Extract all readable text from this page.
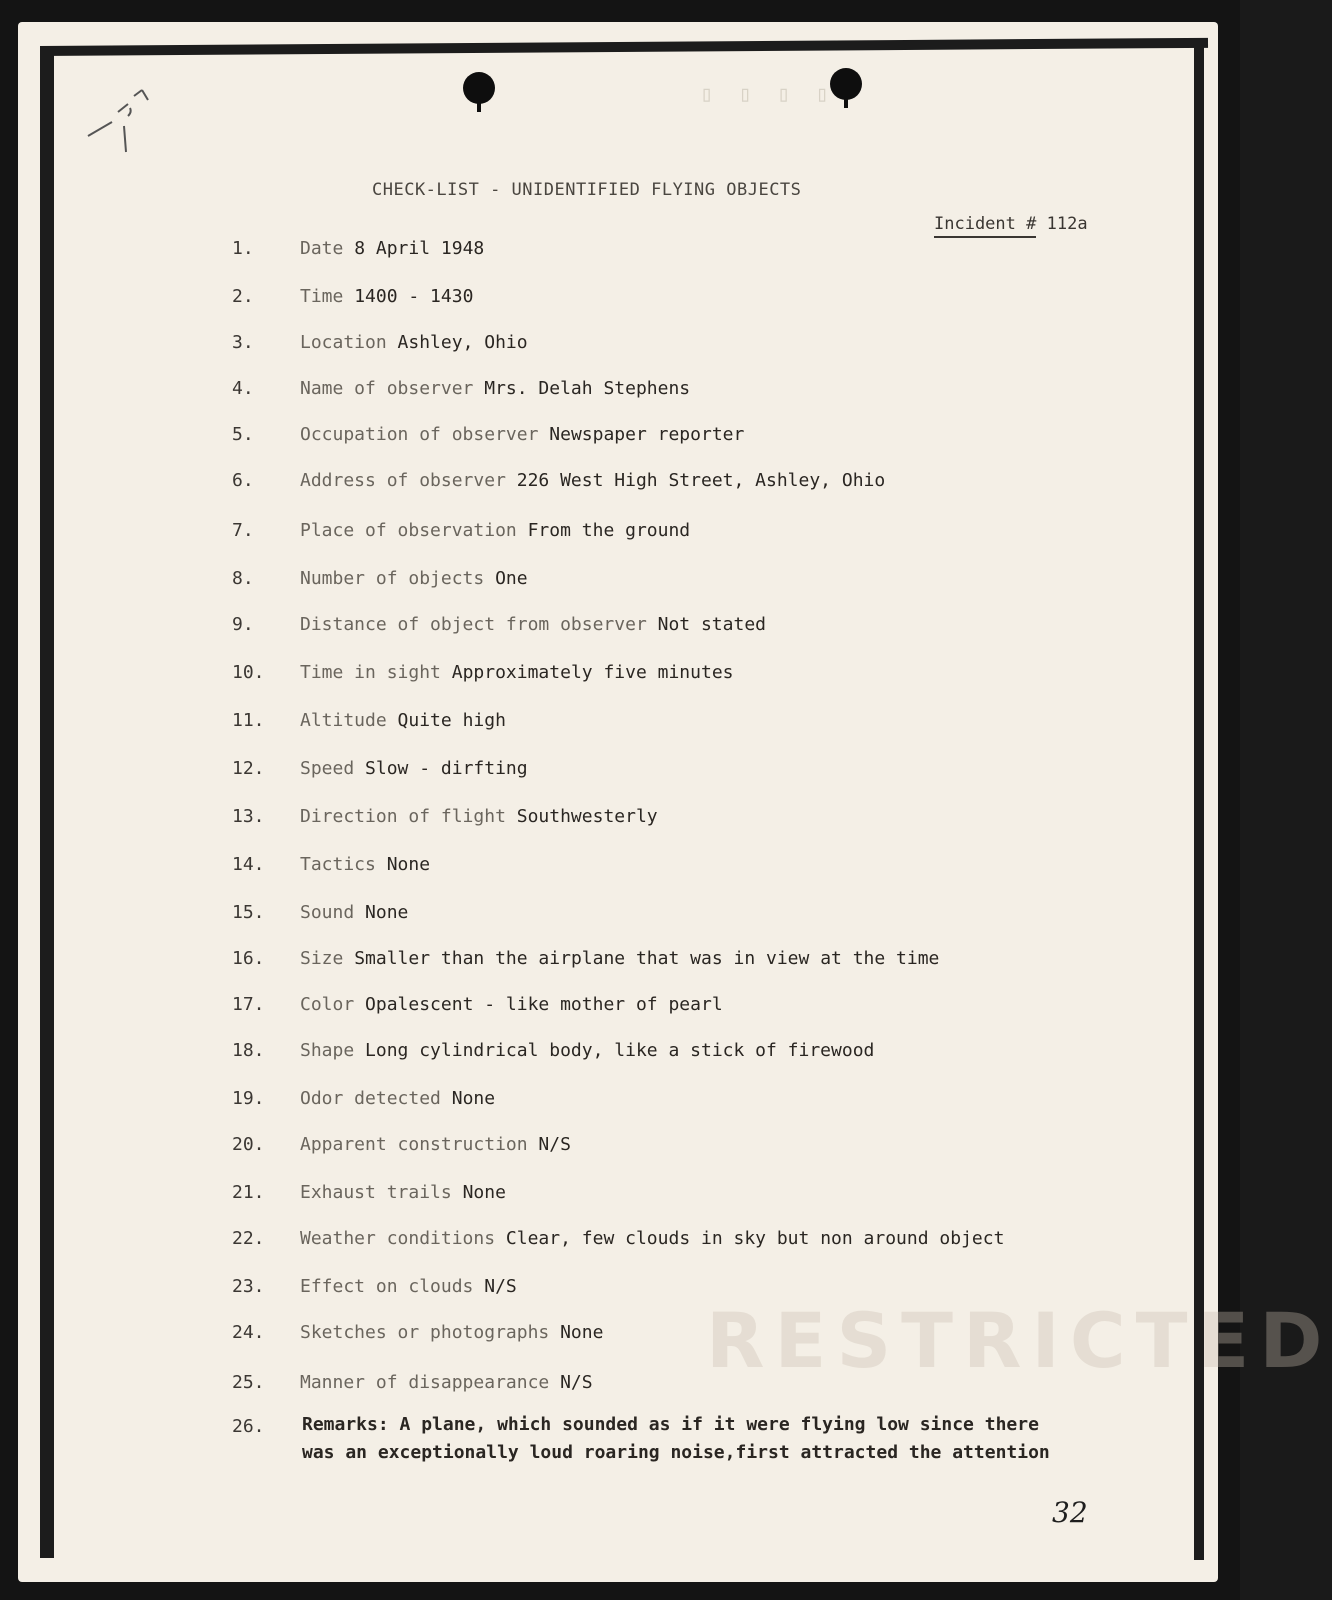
▯ ▯ ▯ ▯
CHECK-LIST - UNIDENTIFIED FLYING OBJECTS
Incident # 112a
1.	Date 8 April 1948
2.	Time 1400 - 1430
3.	Location Ashley, Ohio
4.	Name of observer Mrs. Delah Stephens
5.	Occupation of observer Newspaper reporter
6.	Address of observer 226 West High Street, Ashley, Ohio
7.	Place of observation From the ground
8.	Number of objects One
9.	Distance of object from observer Not stated
10.	Time in sight Approximately five minutes
11.	Altitude Quite high
12.	Speed Slow - dirfting
13.	Direction of flight Southwesterly
14.	Tactics None
15.	Sound None
16.	Size Smaller than the airplane that was in view at the time
17.	Color Opalescent - like mother of pearl
18.	Shape Long cylindrical body, like a stick of firewood
19.	Odor detected None
20.	Apparent construction N/S
21.	Exhaust trails None
22.	Weather conditions Clear, few clouds in sky but non around object
23.	Effect on clouds N/S
24.	Sketches or photographs None
25.	Manner of disappearance N/S
26.	Remarks: A plane, which sounded as if it were flying low since there
was an exceptionally loud roaring noise,first attracted the attention
RESTRICTED
32
